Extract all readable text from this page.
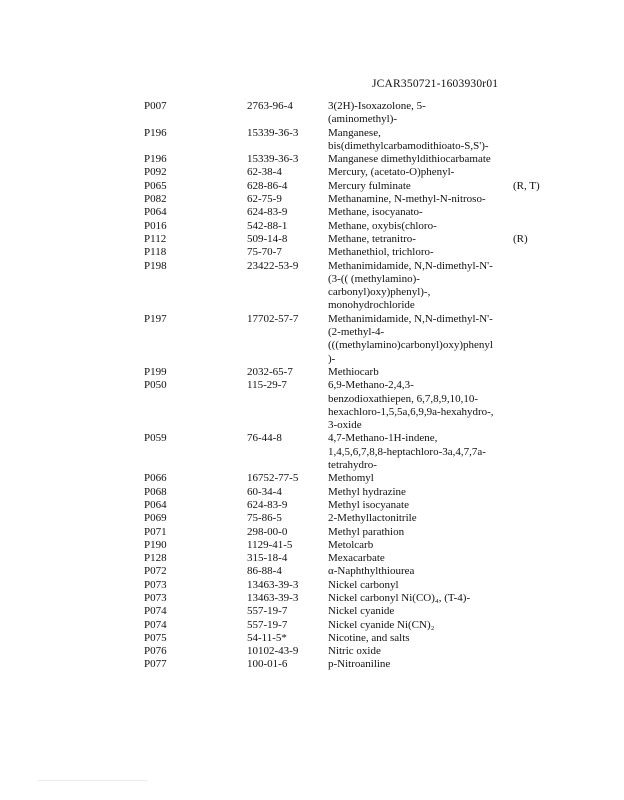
JCAR350721-1603930r01
P007	2763-96-4	3(2H)-Isoxazolone, 5-
(aminomethyl)-
P196	15339-36-3	Manganese,
bis(dimethylcarbamodithioato-S,S')-
P196	15339-36-3	Manganese dimethyldithiocarbamate
P092	62-38-4	Mercury, (acetato-O)phenyl-
P065	628-86-4	Mercury fulminate	(R, T)
P082	62-75-9	Methanamine, N-methyl-N-nitroso-
P064	624-83-9	Methane, isocyanato-
P016	542-88-1	Methane, oxybis(chloro-
P112	509-14-8	Methane, tetranitro-	(R)
P118	75-70-7	Methanethiol, trichloro-
P198	23422-53-9	Methanimidamide, N,N-dimethyl-N'-
(3-(( (methylamino)-
carbonyl)oxy)phenyl)-,
monohydrochloride
P197	17702-57-7	Methanimidamide, N,N-dimethyl-N'-
(2-methyl-4-
(((methylamino)carbonyl)oxy)phenyl
)-
P199	2032-65-7	Methiocarb
P050	115-29-7	6,9-Methano-2,4,3-
benzodioxathiepen, 6,7,8,9,10,10-
hexachloro-1,5,5a,6,9,9a-hexahydro-,
3-oxide
P059	76-44-8	4,7-Methano-1H-indene,
1,4,5,6,7,8,8-heptachloro-3a,4,7,7a-
tetrahydro-
P066	16752-77-5	Methomyl
P068	60-34-4	Methyl hydrazine
P064	624-83-9	Methyl isocyanate
P069	75-86-5	2-Methyllactonitrile
P071	298-00-0	Methyl parathion
P190	1129-41-5	Metolcarb
P128	315-18-4	Mexacarbate
P072	86-88-4	α-Naphthylthiourea
P073	13463-39-3	Nickel carbonyl
P073	13463-39-3	Nickel carbonyl Ni(CO)₄, (T-4)-
P074	557-19-7	Nickel cyanide
P074	557-19-7	Nickel cyanide Ni(CN)₂
P075	54-11-5*	Nicotine, and salts
P076	10102-43-9	Nitric oxide
P077	100-01-6	p-Nitroaniline
